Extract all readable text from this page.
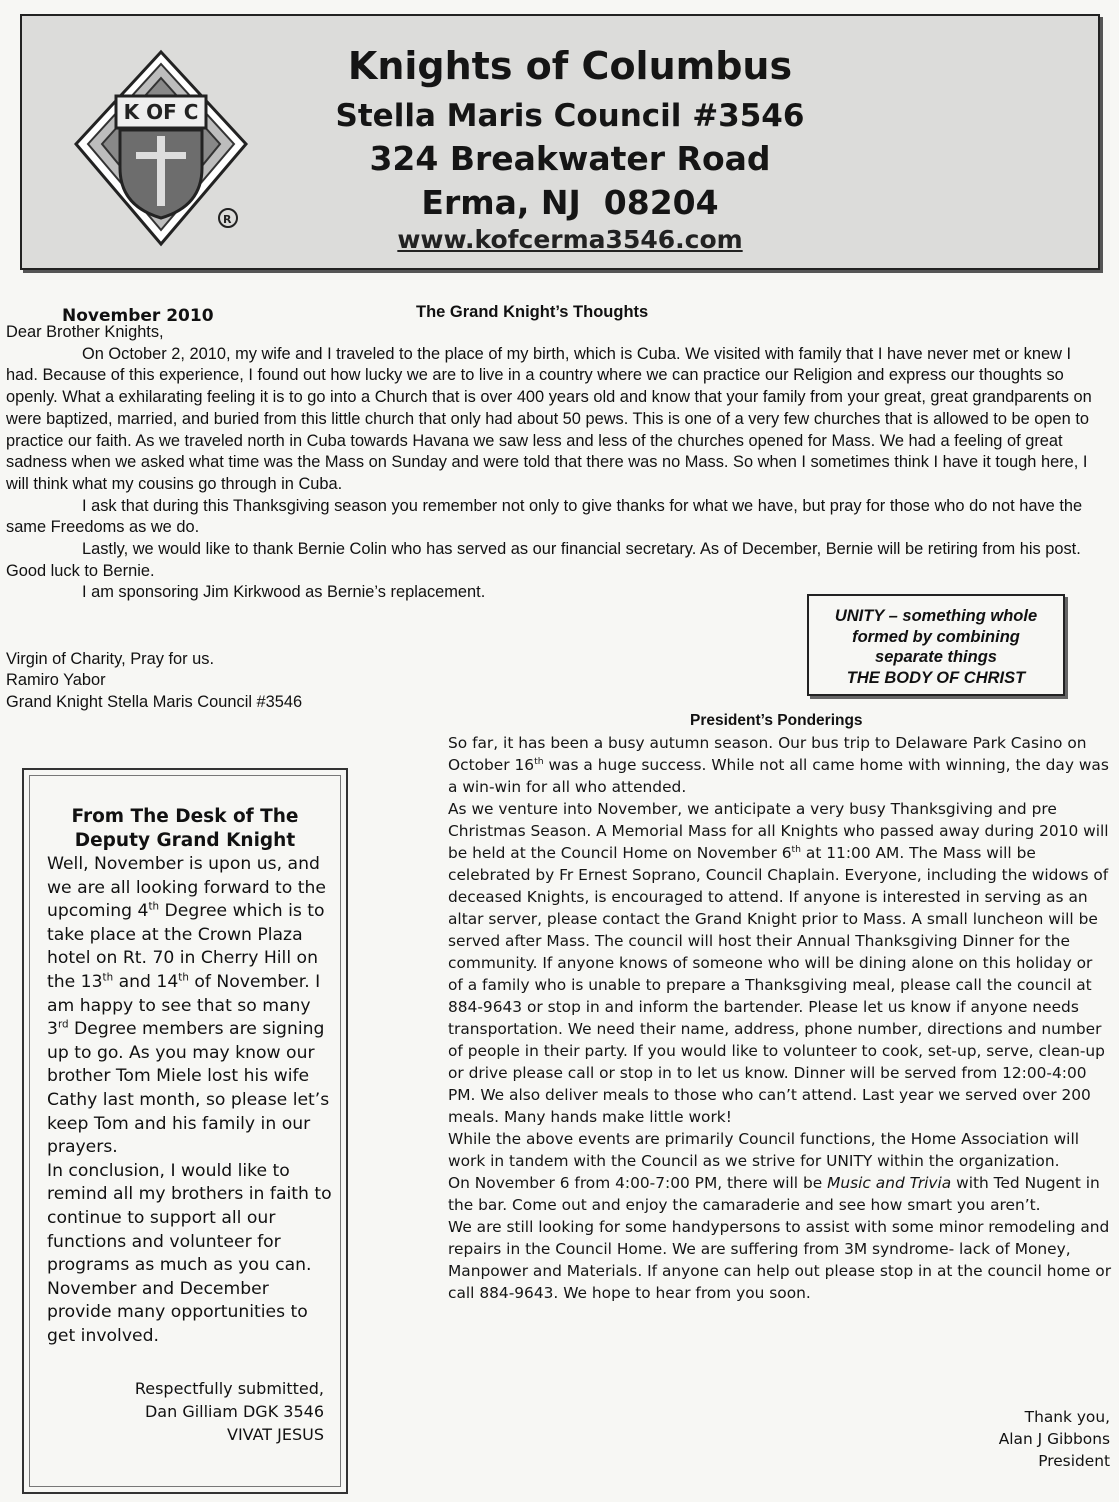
R
K OF C
Knights of Columbus
Stella Maris Council #3546
324 Breakwater Road
Erma, NJ  08204
www.kofcerma3546.com
November 2010	The Grand Knight’s Thoughts

Dear Brother Knights,

On October 2, 2010, my wife and I traveled to the place of my birth, which is Cuba. We visited with family that I have never met or knew I had. Because of this experience, I found out how lucky we are to live in a country where we can practice our Religion and express our thoughts so openly. What a exhilarating feeling it is to go into a Church that is over 400 years old and know that your family from your great, great grandparents on were baptized, married, and buried from this little church that only had about 50 pews. This is one of a very few churches that is allowed to be open to practice our faith. As we traveled north in Cuba towards Havana we saw less and less of the churches opened for Mass. We had a feeling of great sadness when we asked what time was the Mass on Sunday and were told that there was no Mass. So when I sometimes think I have it tough here, I will think what my cousins go through in Cuba.

I ask that during this Thanksgiving season you remember not only to give thanks for what we have, but pray for those who do not have the same Freedoms as we do.

Lastly, we would like to thank Bernie Colin who has served as our financial secretary. As of December, Bernie will be retiring from his post. Good luck to Bernie.

I am sponsoring Jim Kirkwood as Bernie’s replacement.

Virgin of Charity, Pray for us.
Ramiro Yabor
Grand Knight Stella Maris Council #3546
UNITY – something whole
formed by combining
separate things
THE BODY OF CHRIST
From The Desk of The
Deputy Grand Knight

Well, November is upon us, and we are all looking forward to the upcoming 4th Degree which is to take place at the Crown Plaza hotel on Rt. 70 in Cherry Hill on the 13th and 14th of November. I am happy to see that so many 3rd Degree members are signing up to go. As you may know our brother Tom Miele lost his wife Cathy last month, so please let’s keep Tom and his family in our prayers.

In conclusion, I would like to remind all my brothers in faith to continue to support all our functions and volunteer for programs as much as you can. November and December provide many opportunities to get involved.

Respectfully submitted,
Dan Gilliam DGK 3546
VIVAT JESUS
President’s Ponderings

So far, it has been a busy autumn season. Our bus trip to Delaware Park Casino on October 16th was a huge success. While not all came home with winning, the day was a win-win for all who attended.

As we venture into November, we anticipate a very busy Thanksgiving and pre Christmas Season. A Memorial Mass for all Knights who passed away during 2010 will be held at the Council Home on November 6th at 11:00 AM. The Mass will be celebrated by Fr Ernest Soprano, Council Chaplain. Everyone, including the widows of deceased Knights, is encouraged to attend. If anyone is interested in serving as an altar server, please contact the Grand Knight prior to Mass. A small luncheon will be served after Mass. The council will host their Annual Thanksgiving Dinner for the community. If anyone knows of someone who will be dining alone on this holiday or of a family who is unable to prepare a Thanksgiving meal, please call the council at 884-9643 or stop in and inform the bartender. Please let us know if anyone needs transportation. We need their name, address, phone number, directions and number of people in their party. If you would like to volunteer to cook, set-up, serve, clean-up or drive please call or stop in to let us know. Dinner will be served from 12:00-4:00 PM. We also deliver meals to those who can’t attend. Last year we served over 200 meals. Many hands make little work!

While the above events are primarily Council functions, the Home Association will work in tandem with the Council as we strive for UNITY within the organization.

On November 6 from 4:00-7:00 PM, there will be Music and Trivia with Ted Nugent in the bar. Come out and enjoy the camaraderie and see how smart you aren’t.

We are still looking for some handypersons to assist with some minor remodeling and repairs in the Council Home. We are suffering from 3M syndrome- lack of Money, Manpower and Materials. If anyone can help out please stop in at the council home or call 884-9643. We hope to hear from you soon.

Thank you,
Alan J Gibbons
President
